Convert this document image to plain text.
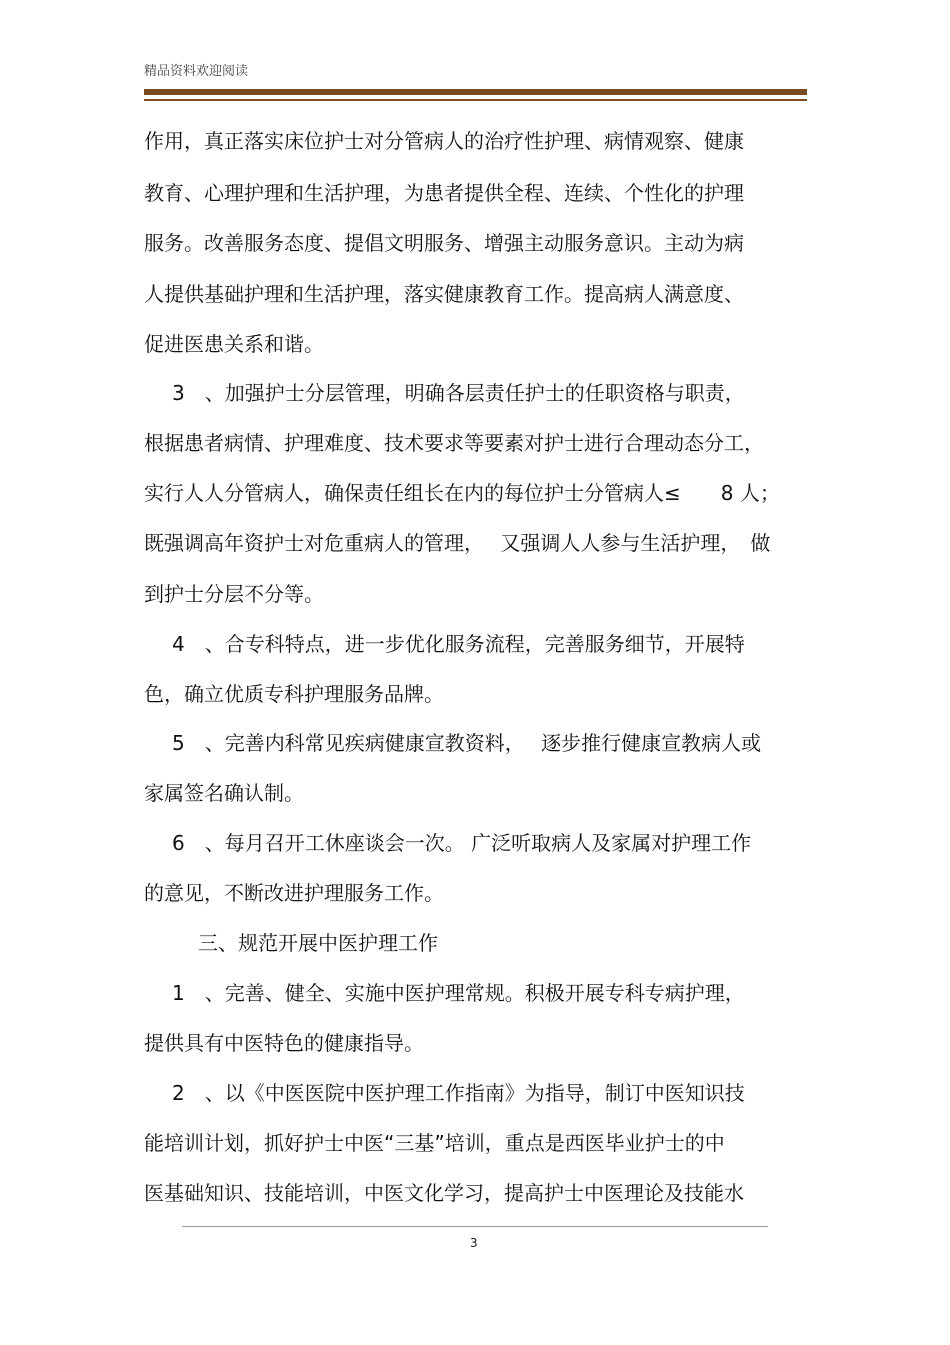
精品资料欢迎阅读
作用，真正落实床位护士对分管病人的治疗性护理、病情观察、健康
教育、心理护理和生活护理，为患者提供全程、连续、个性化的护理
服务。改善服务态度、提倡文明服务、增强主动服务意识。主动为病
人提供基础护理和生活护理，落实健康教育工作。提高病人满意度、
促进医患关系和谐。
3　、加强护士分层管理，明确各层责任护士的任职资格与职责，
根据患者病情、护理难度、技术要求等要素对护士进行合理动态分工，
实行人人分管病人，确保责任组长在内的每位护士分管病人≤　　8 人；
既强调高年资护士对危重病人的管理，　 又强调人人参与生活护理，　做
到护士分层不分等。
4　、合专科特点，进一步优化服务流程，完善服务细节，开展特
色，确立优质专科护理服务品牌。
5　、完善内科常见疾病健康宣教资料，　 逐步推行健康宣教病人或
家属签名确认制。
6　、每月召开工休座谈会一次。 广泛听取病人及家属对护理工作
的意见，不断改进护理服务工作。
三、规范开展中医护理工作
1　、完善、健全、实施中医护理常规。积极开展专科专病护理，
提供具有中医特色的健康指导。
2　、以《中医医院中医护理工作指南》为指导，制订中医知识技
能培训计划，抓好护士中医“三基”培训，重点是西医毕业护士的中
医基础知识、技能培训，中医文化学习，提高护士中医理论及技能水
3
